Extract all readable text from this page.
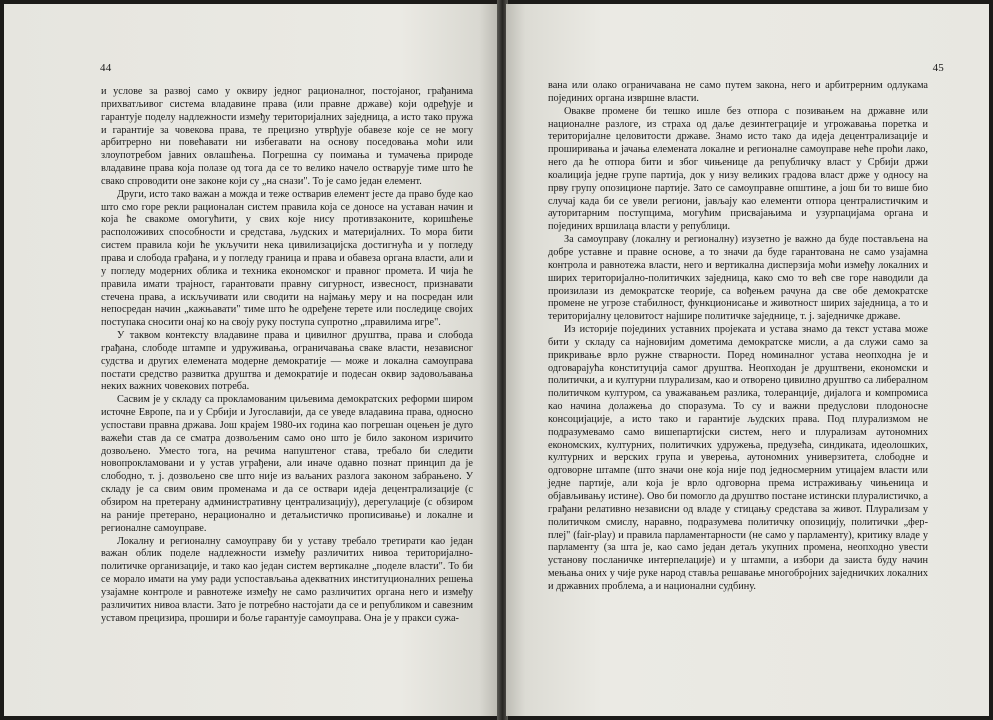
44

и услове за развој само у оквиру једног рационалног, постојаног, грађанима прихватљивог система владавине права (или правне државе) који одређује и гарантује поделу надлежности између територијалних заједница, а исто тако пружа и гарантије за човекова права, те прецизно утврђује обавезе које се не могу арбитрерно ни повећавати ни избегавати на основу поседовања моћи или злоупотребом јавних овлашћења. Погрешна су поимања и тумачења природе владавине права која полазе од тога да се то велико начело остварује тиме што ће свако спроводити оне законе који су „на снази". То је само један елемент.

Други, исто тако важан а можда и теже остварив елемент јесте да право буде као што смо горе рекли рационалан систем правила која се доносе на уставан начин и која ће свакоме омогућити, у свих које нису противзаконите, коришћење расположивих способности и средстава, људских и материјалних. То мора бити систем правила који ће укључити нека цивилизацијска достигнућа и у погледу права и слобода грађана, и у погледу граница и права и обавеза органа власти, али и у погледу модерних облика и техника економског и правног промета. И чија ће правила имати трајност, гарантовати правну сигурност, извесност, признавати стечена права, а искључивати или сводити на најмању меру и на посредан или непосредан начин „кажњавати" тиме што ће одређене терете или последице својих поступака сносити онај ко на своју руку поступа супротно „правилима игре".

У таквом контексту владавине права и цивилног друштва, права и слобода грађана, слободе штампе и удруживања, ограничавања сваке власти, независног судства и других елемената модерне демократије — може и локална самоуправа постати средство развитка друштва и демократије и подесан оквир задовољавања неких важних човекових потреба.

Сасвим је у складу са прокламованим циљевима демократских реформи широм источне Европе, па и у Србији и Југославији, да се уведе владавина права, односно успостави правна држава. Још крајем 1980-их година као погрешан оцењен је дуго важећи став да се сматра дозвољеним само оно што је било законом изричито дозвољено. Уместо тога, на речима напуштеног става, требало би следити новопрокламовани и у устав уграђени, али иначе одавно познат принцип да је слободно, т. ј. дозвољено све што није из ваљаних разлога законом забрањено. У складу је са свим овим променама и да се оствари идеја децентрализације (с обзиром на претерану административну централизацију), дерегулације (с обзиром на раније претерано, нерационално и детаљистичко прописивање) и локалне и регионалне самоуправе.

Локалну и регионалну самоуправу би у уставу требало третирати као један важан облик поделе надлежности између различитих нивоа територијално-политичке организације, и тако као један систем вертикалне „поделе власти". То би се морало имати на уму ради успостављања адекватних институционалних решења узајамне контроле и равнотеже између не само различитих органа него и између различитих нивоа власти. Зато је потребно настојати да се и републиком и савезним уставом прецизира, прошири и боље гарантује самоуправа. Она је у пракси сужа-

45

вана или олако ограничавана не само путем закона, него и арбитрерним одлукама појединих органа извршне власти.

Овакве промене би тешко ишле без отпора с позивањем на државне или националне разлоге, из страха од даље дезинтеграције и угрожавања поретка и територијалне целовитости државе. Знамо исто тако да идеја децентрализације и проширивања и јачања елемената локалне и регионалне самоуправе неће проћи лако, него да ће отпора бити и због чињенице да републичку власт у Србији држи коалиција једне групе партија, док у низу великих градова власт држе у односу на прву групу опозиционе партије. Зато се самоуправне општине, а још би то више био случај када би се увели региони, јављају као елементи отпора централистичким и ауторитарним поступцима, могућим присвајањима и узурпацијама органа и појединих вршилаца власти у републици.

За самоуправу (локалну и регионалну) изузетно је важно да буде постављена на добре уставне и правне основе, а то значи да буде гарантована не само узајамна контрола и равнотежа власти, него и вертикална дисперзија моћи између локалних и ширих територијално-политичких заједница, како смо то већ све горе наводили да произилази из демократске теорије, са вођењем рачуна да све обе демократске промене не угрозе стабилност, функционисање и животност ширих заједница, а то и територијалну целовитост најшире политичке заједнице, т. ј. заједничке државе.

Из историје појединих уставних пројеката и устава знамо да текст устава може бити у складу са најновијим дометима демократске мисли, а да служи само за прикривање врло ружне стварности. Поред номиналног устава неопходна је и одговарајућа конституција самог друштва. Неопходан је друштвени, економски и политички, а и културни плурализам, као и отворено цивилно друштво са либералном политичком културом, са уважавањем разлика, толеранције, дијалога и компромиса као начина долажења до споразума. То су и важни предуслови плодоносне консоцијације, а исто тако и гарантије људских права. Под плурализмом не подразумевамо само вишепартијски систем, него и плурализам аутономних економских, културних, политичких удружења, предузећа, синдиката, идеолошких, културних и верских група и уверења, аутономних универзитета, слободне и одговорне штампе (што значи оне која није под једносмерним утицајем власти или једне партије, али која је врло одговорна према истраживању чињеница и објављивању истине). Ово би помогло да друштво постане истински плуралистичко, а грађани релативно независни од владе у стицању средстава за живот. Плурализам у политичком смислу, наравно, подразумева политичку опозицију, политички „фер-плеј" (fair-play) и правила парламентарности (не само у парламенту), критику владе у парламенту (за шта је, као само један детаљ укупних промена, неопходно увести установу посланичке интерпелације) и у штампи, а избори да заиста буду начин мењања оних у чије руке народ ставља решавање многобројних заједничких локалних и државних проблема, а и национални судбину.
